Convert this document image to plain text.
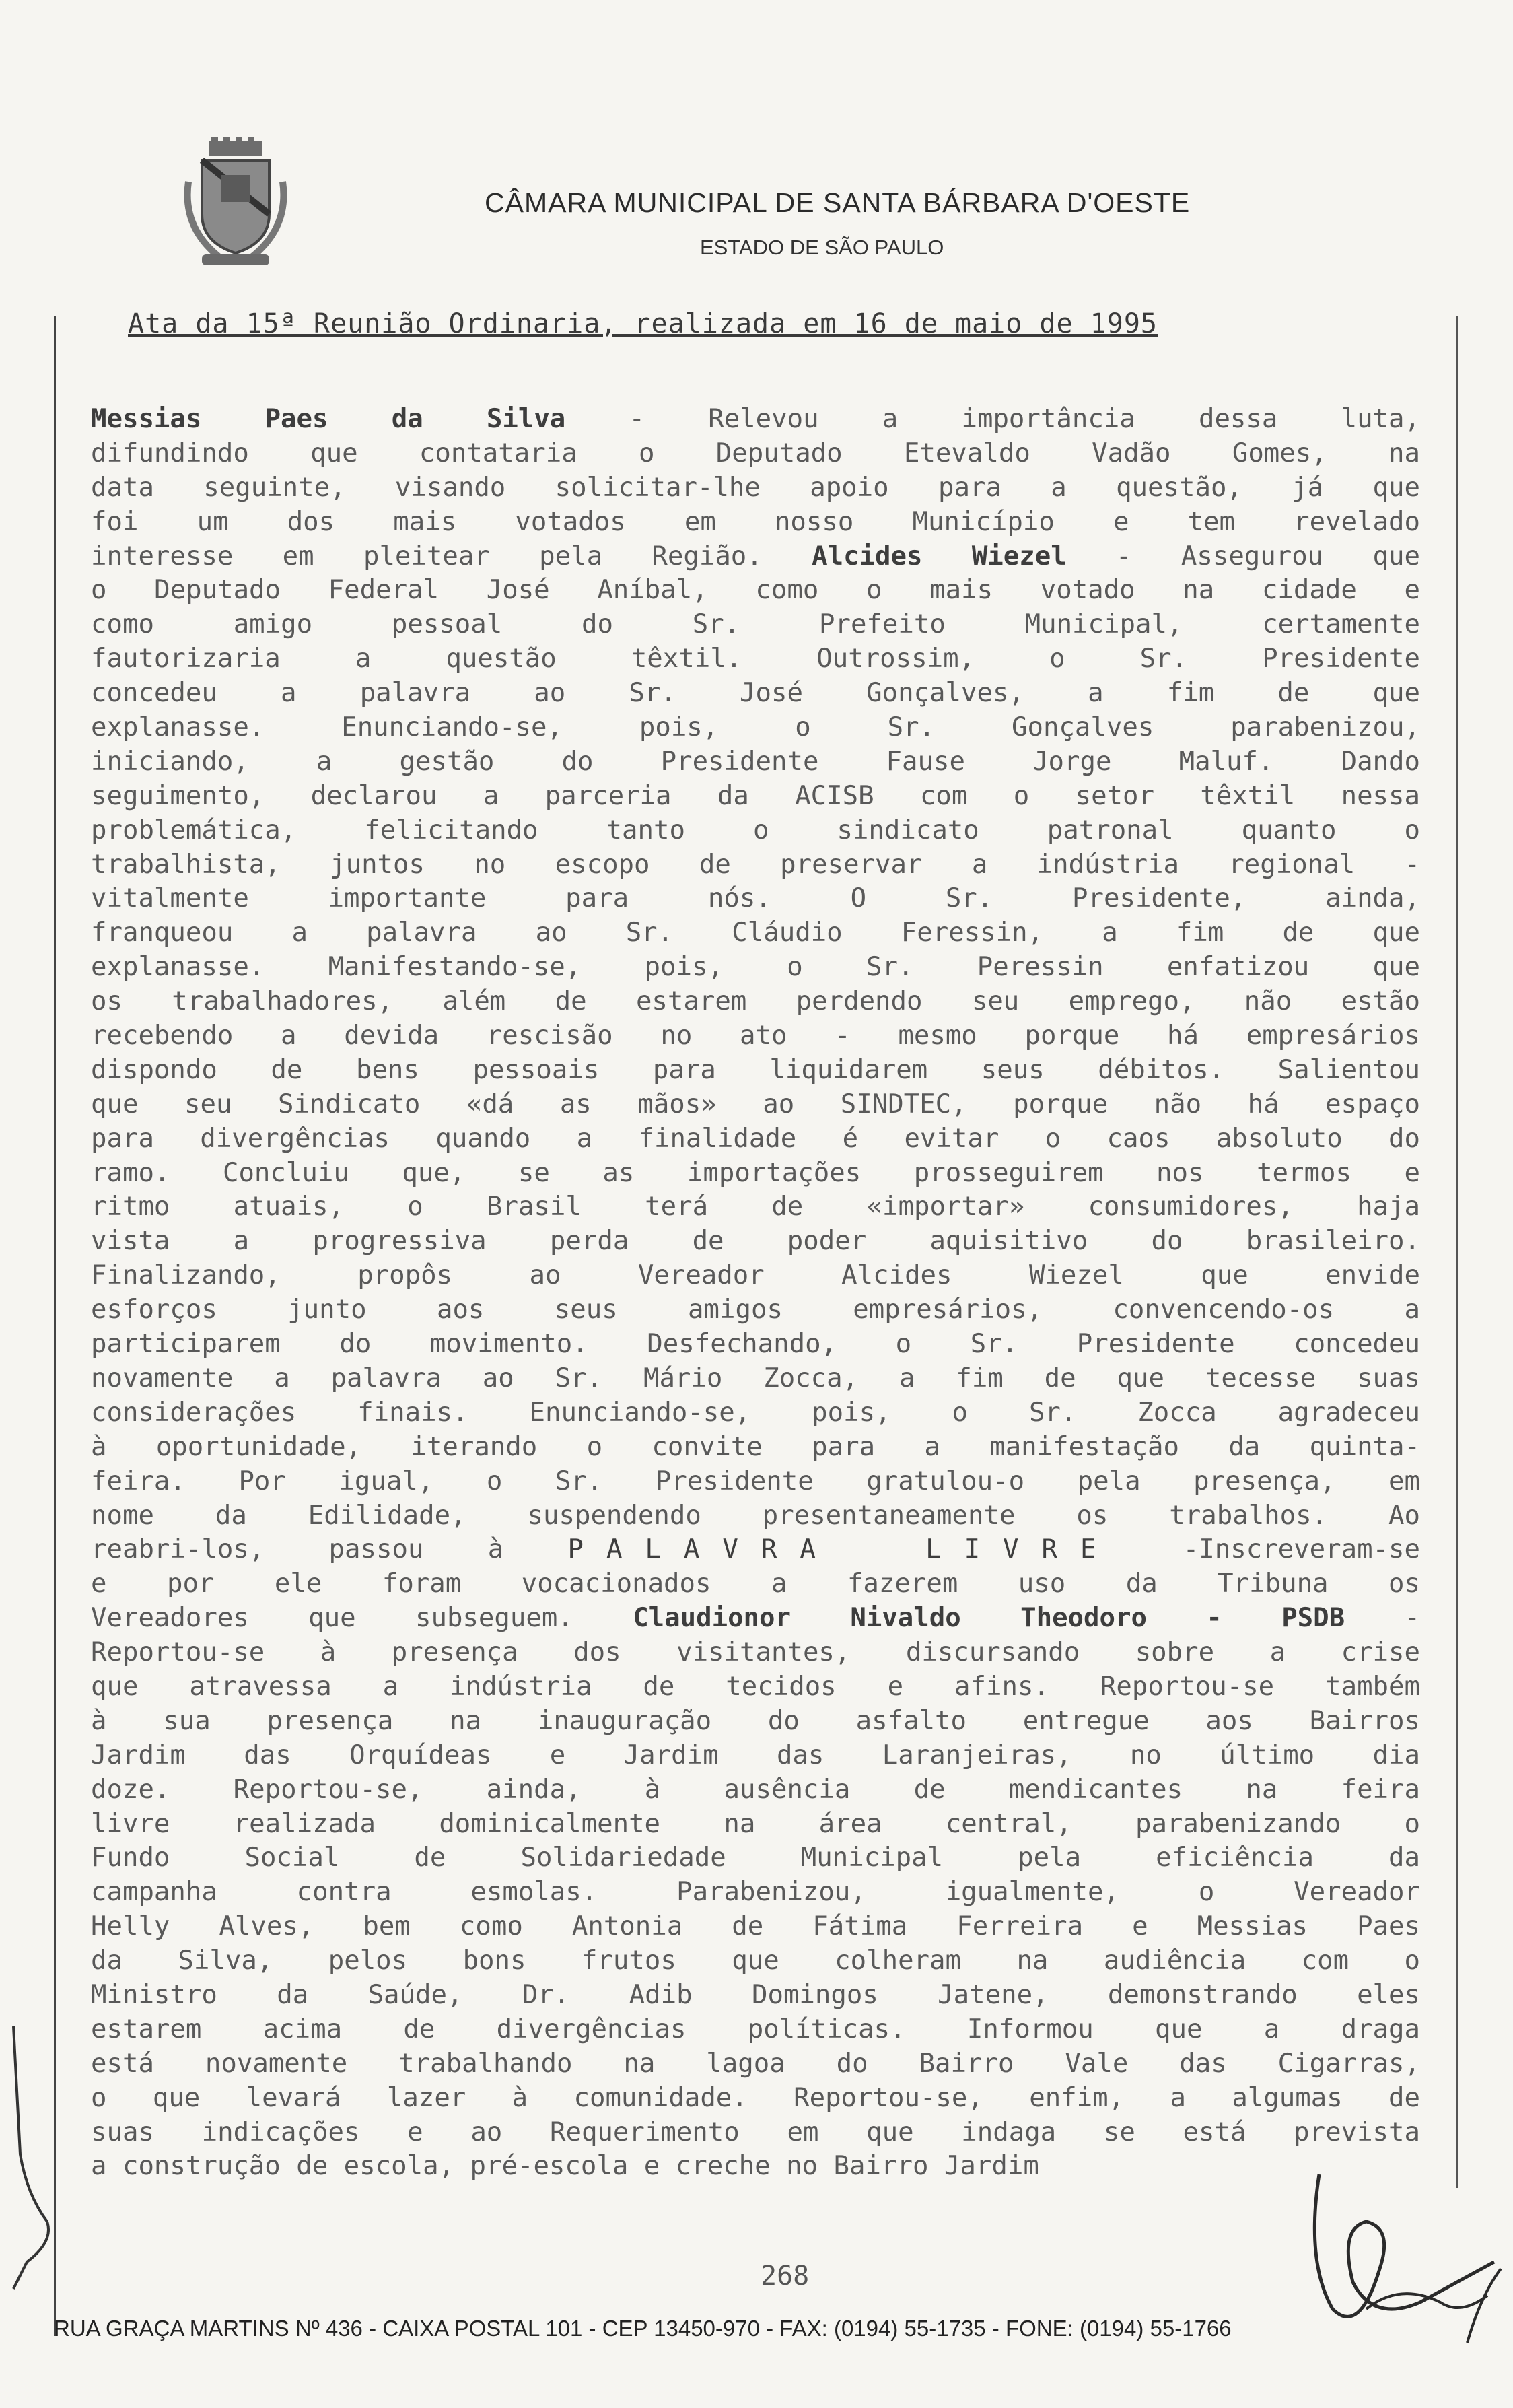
CÂMARA MUNICIPAL DE SANTA BÁRBARA D'OESTE
ESTADO DE SÃO PAULO
Ata da 15ª Reunião Ordinaria, realizada em 16 de maio de 1995
Messias Paes da Silva - Relevou a importância dessa luta,
difundindo que contataria o Deputado Etevaldo Vadão Gomes, na
data seguinte, visando solicitar-lhe apoio para a questão, já que
foi um dos mais votados em nosso Município e tem revelado
interesse em pleitear pela Região. Alcides Wiezel - Assegurou que
o Deputado Federal José Aníbal, como o mais votado na cidade e
como amigo pessoal do Sr. Prefeito Municipal, certamente
fautorizaria a questão têxtil. Outrossim, o Sr. Presidente
concedeu a palavra ao Sr. José Gonçalves, a fim de que
explanasse. Enunciando-se, pois, o Sr. Gonçalves parabenizou,
iniciando, a gestão do Presidente Fause Jorge Maluf. Dando
seguimento, declarou a parceria da ACISB com o setor têxtil nessa
problemática, felicitando tanto o sindicato patronal quanto o
trabalhista, juntos no escopo de preservar a indústria regional -
vitalmente importante para nós. O Sr. Presidente, ainda,
franqueou a palavra ao Sr. Cláudio Feressin, a fim de que
explanasse. Manifestando-se, pois, o Sr. Peressin enfatizou que
os trabalhadores, além de estarem perdendo seu emprego, não estão
recebendo a devida rescisão no ato - mesmo porque há empresários
dispondo de bens pessoais para liquidarem seus débitos. Salientou
que seu Sindicato «dá as mãos» ao SINDTEC, porque não há espaço
para divergências quando a finalidade é evitar o caos absoluto do
ramo. Concluiu que, se as importações prosseguirem nos termos e
ritmo atuais, o Brasil terá de «importar» consumidores, haja
vista a progressiva perda de poder aquisitivo do brasileiro.
Finalizando, propôs ao Vereador Alcides Wiezel que envide
esforços junto aos seus amigos empresários, convencendo-os a
participarem do movimento. Desfechando, o Sr. Presidente concedeu
novamente a palavra ao Sr. Mário Zocca, a fim de que tecesse suas
considerações finais. Enunciando-se, pois, o Sr. Zocca agradeceu
à oportunidade, iterando o convite para a manifestação da quinta-
feira. Por igual, o Sr. Presidente gratulou-o pela presença, em
nome da Edilidade, suspendendo presentaneamente os trabalhos. Ao
reabri-los, passou à PALAVRA LIVRE -Inscreveram-se
e por ele foram vocacionados a fazerem uso da Tribuna os
Vereadores que subseguem. Claudionor Nivaldo Theodoro - PSDB -
Reportou-se à presença dos visitantes, discursando sobre a crise
que atravessa a indústria de tecidos e afins. Reportou-se também
à sua presença na inauguração do asfalto entregue aos Bairros
Jardim das Orquídeas e Jardim das Laranjeiras, no último dia
doze. Reportou-se, ainda, à ausência de mendicantes na feira
livre realizada dominicalmente na área central, parabenizando o
Fundo Social de Solidariedade Municipal pela eficiência da
campanha contra esmolas. Parabenizou, igualmente, o Vereador
Helly Alves, bem como Antonia de Fátima Ferreira e Messias Paes
da Silva, pelos bons frutos que colheram na audiência com o
Ministro da Saúde, Dr. Adib Domingos Jatene, demonstrando eles
estarem acima de divergências políticas. Informou que a draga
está novamente trabalhando na lagoa do Bairro Vale das Cigarras,
o que levará lazer à comunidade. Reportou-se, enfim, a algumas de
suas indicações e ao Requerimento em que indaga se está prevista
a construção de escola, pré-escola e creche no Bairro Jardim
268
RUA GRAÇA MARTINS Nº 436 - CAIXA POSTAL 101 - CEP 13450-970 - FAX: (0194) 55-1735 - FONE: (0194) 55-1766
